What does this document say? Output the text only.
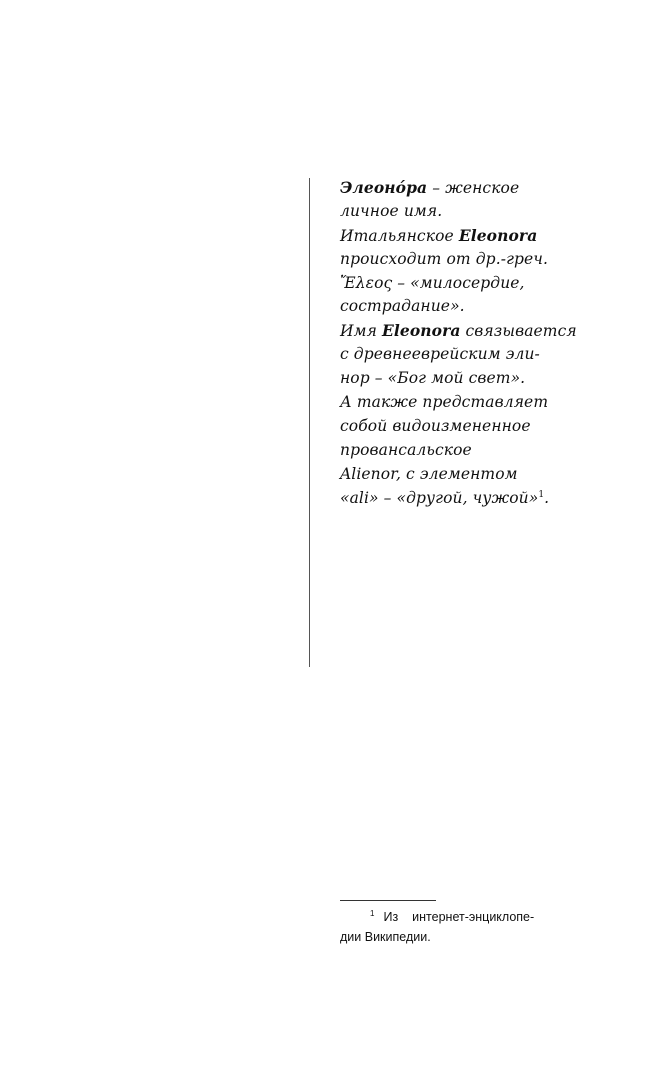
Элеонóра – женское
личное имя.
Итальянское Eleonora
происходит от др.-греч.
Ἔλεος – «милосердие,
сострадание».
Имя Eleonora связывается
с древнееврейским эли-
нор – «Бог мой свет».
А также представляет
собой видоизмененное
провансальское
Alienor, с элементом
«ali» – «другой, чужой»$^1$.
$^1$ Из интернет-энциклопе-
дии Википедии.
